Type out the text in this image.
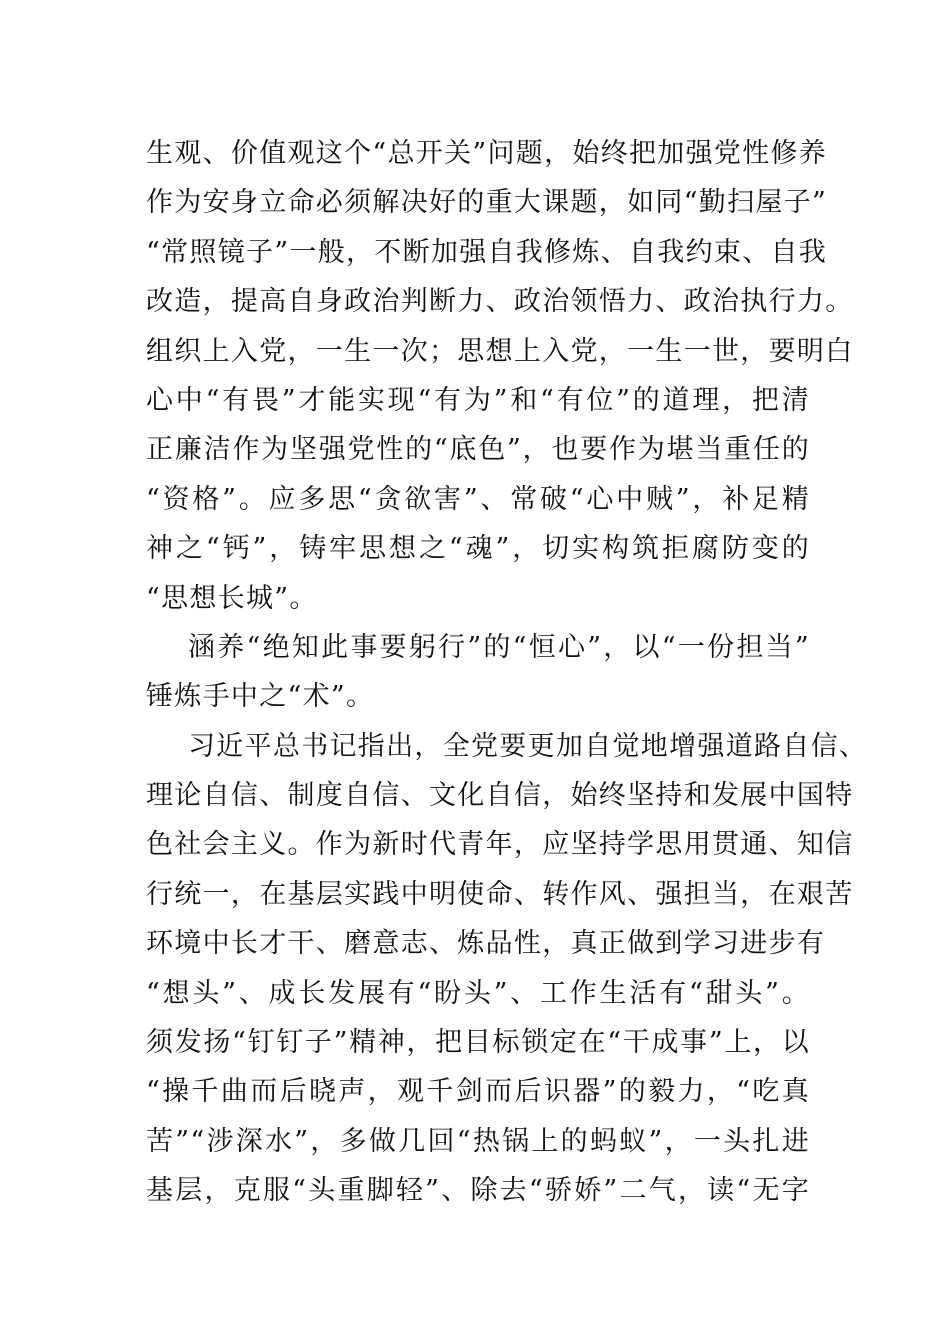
生观、价值观这个“总开关”问题，始终把加强党性修养
作为安身立命必须解决好的重大课题，如同“勤扫屋子”
“常照镜子”一般，不断加强自我修炼、自我约束、自我
改造，提高自身政治判断力、政治领悟力、政治执行力。
组织上入党，一生一次；思想上入党，一生一世，要明白
心中“有畏”才能实现“有为”和“有位”的道理，把清
正廉洁作为坚强党性的“底色”，也要作为堪当重任的
“资格”。应多思“贪欲害”、常破“心中贼”，补足精
神之“钙”，铸牢思想之“魂”，切实构筑拒腐防变的
“思想长城”。
涵养“绝知此事要躬行”的“恒心”，以“一份担当”
锤炼手中之“术”。
习近平总书记指出，全党要更加自觉地增强道路自信、
理论自信、制度自信、文化自信，始终坚持和发展中国特
色社会主义。作为新时代青年，应坚持学思用贯通、知信
行统一，在基层实践中明使命、转作风、强担当，在艰苦
环境中长才干、磨意志、炼品性，真正做到学习进步有
“想头”、成长发展有“盼头”、工作生活有“甜头”。
须发扬“钉钉子”精神，把目标锁定在“干成事”上，以
“操千曲而后晓声，观千剑而后识器”的毅力，“吃真
苦”“涉深水”，多做几回“热锅上的蚂蚁”，一头扎进
基层，克服“头重脚轻”、除去“骄娇”二气，读“无字
